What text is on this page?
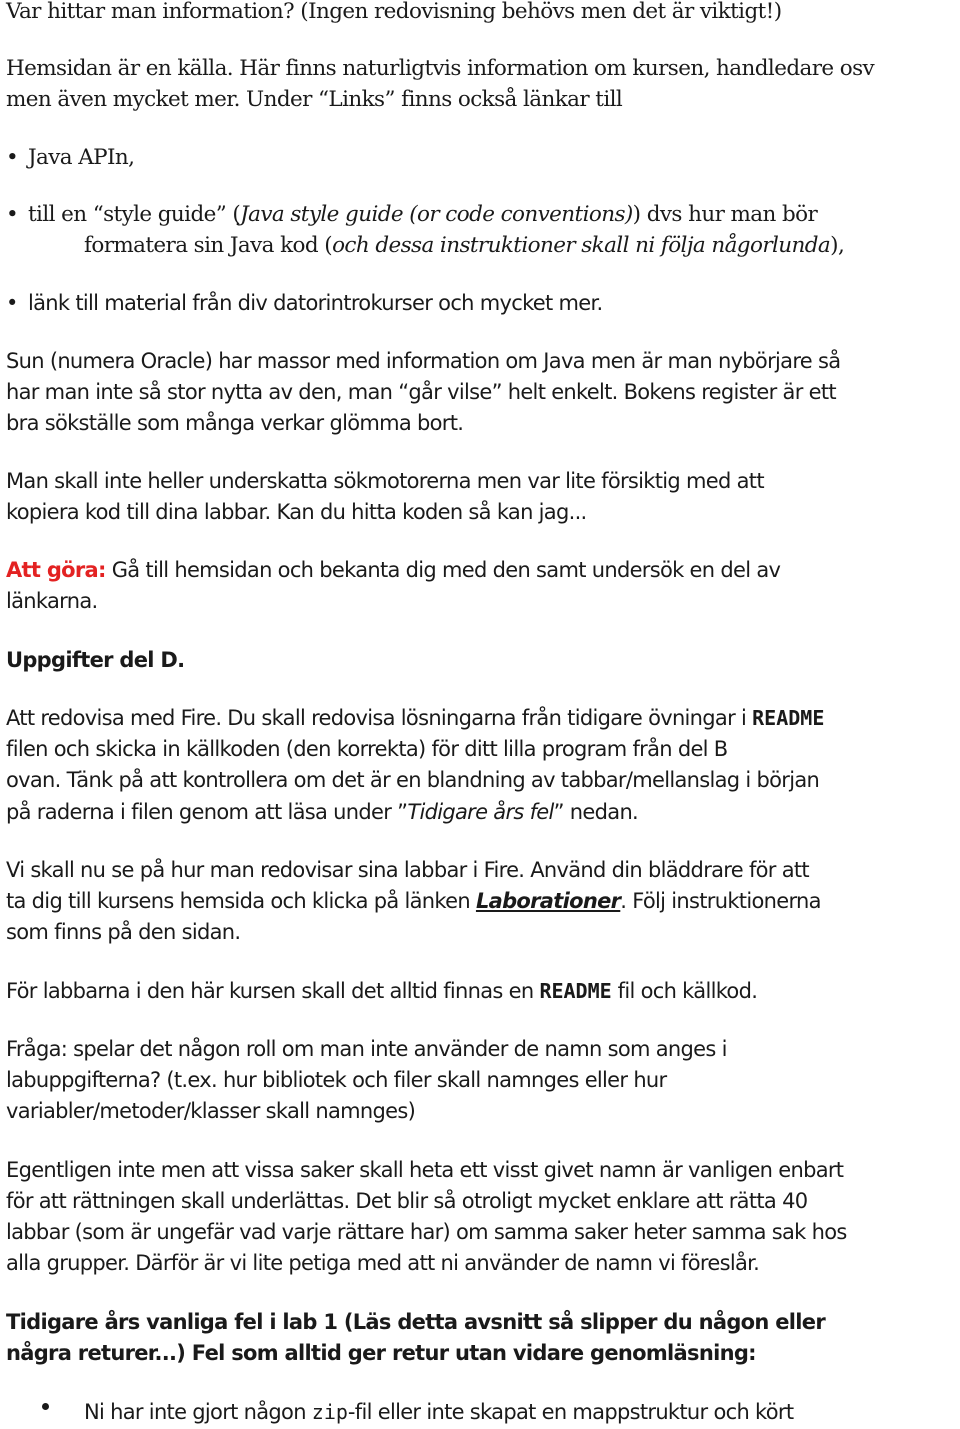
Var hittar man information? (Ingen redovisning behövs men det är viktigt!)
Hemsidan är en källa. Här finns naturligtvis information om kursen, handledare osv
men även mycket mer. Under “Links” finns också länkar till
• Java APIn,
• till en “style guide” (Java style guide (or code conventions)) dvs hur man bör
formatera sin Java kod (och dessa instruktioner skall ni följa någorlunda),
• länk till material från div datorintrokurser och mycket mer.
Sun (numera Oracle) har massor med information om Java men är man nybörjare så
har man inte så stor nytta av den, man “går vilse” helt enkelt. Bokens register är ett
bra sökställe som många verkar glömma bort.
Man skall inte heller underskatta sökmotorerna men var lite försiktig med att
kopiera kod till dina labbar. Kan du hitta koden så kan jag...
Att göra: Gå till hemsidan och bekanta dig med den samt undersök en del av
länkarna.
Uppgifter del D.
Att redovisa med Fire. Du skall redovisa lösningarna från tidigare övningar i README
filen och skicka in källkoden (den korrekta) för ditt lilla program från del B
ovan. Tänk på att kontrollera om det är en blandning av tabbar/mellanslag i början
på raderna i filen genom att läsa under ”Tidigare års fel” nedan.
Vi skall nu se på hur man redovisar sina labbar i Fire. Använd din bläddrare för att
ta dig till kursens hemsida och klicka på länken Laborationer. Följ instruktionerna
som finns på den sidan.
För labbarna i den här kursen skall det alltid finnas en README fil och källkod.
Fråga: spelar det någon roll om man inte använder de namn som anges i
labuppgifterna? (t.ex. hur bibliotek och filer skall namnges eller hur
variabler/metoder/klasser skall namnges)
Egentligen inte men att vissa saker skall heta ett visst givet namn är vanligen enbart
för att rättningen skall underlättas. Det blir så otroligt mycket enklare att rätta 40
labbar (som är ungefär vad varje rättare har) om samma saker heter samma sak hos
alla grupper. Därför är vi lite petiga med att ni använder de namn vi föreslår.
Tidigare års vanliga fel i lab 1 (Läs detta avsnitt så slipper du någon eller
några returer...) Fel som alltid ger retur utan vidare genomläsning:
Ni har inte gjort någon zip-fil eller inte skapat en mappstruktur och kört
